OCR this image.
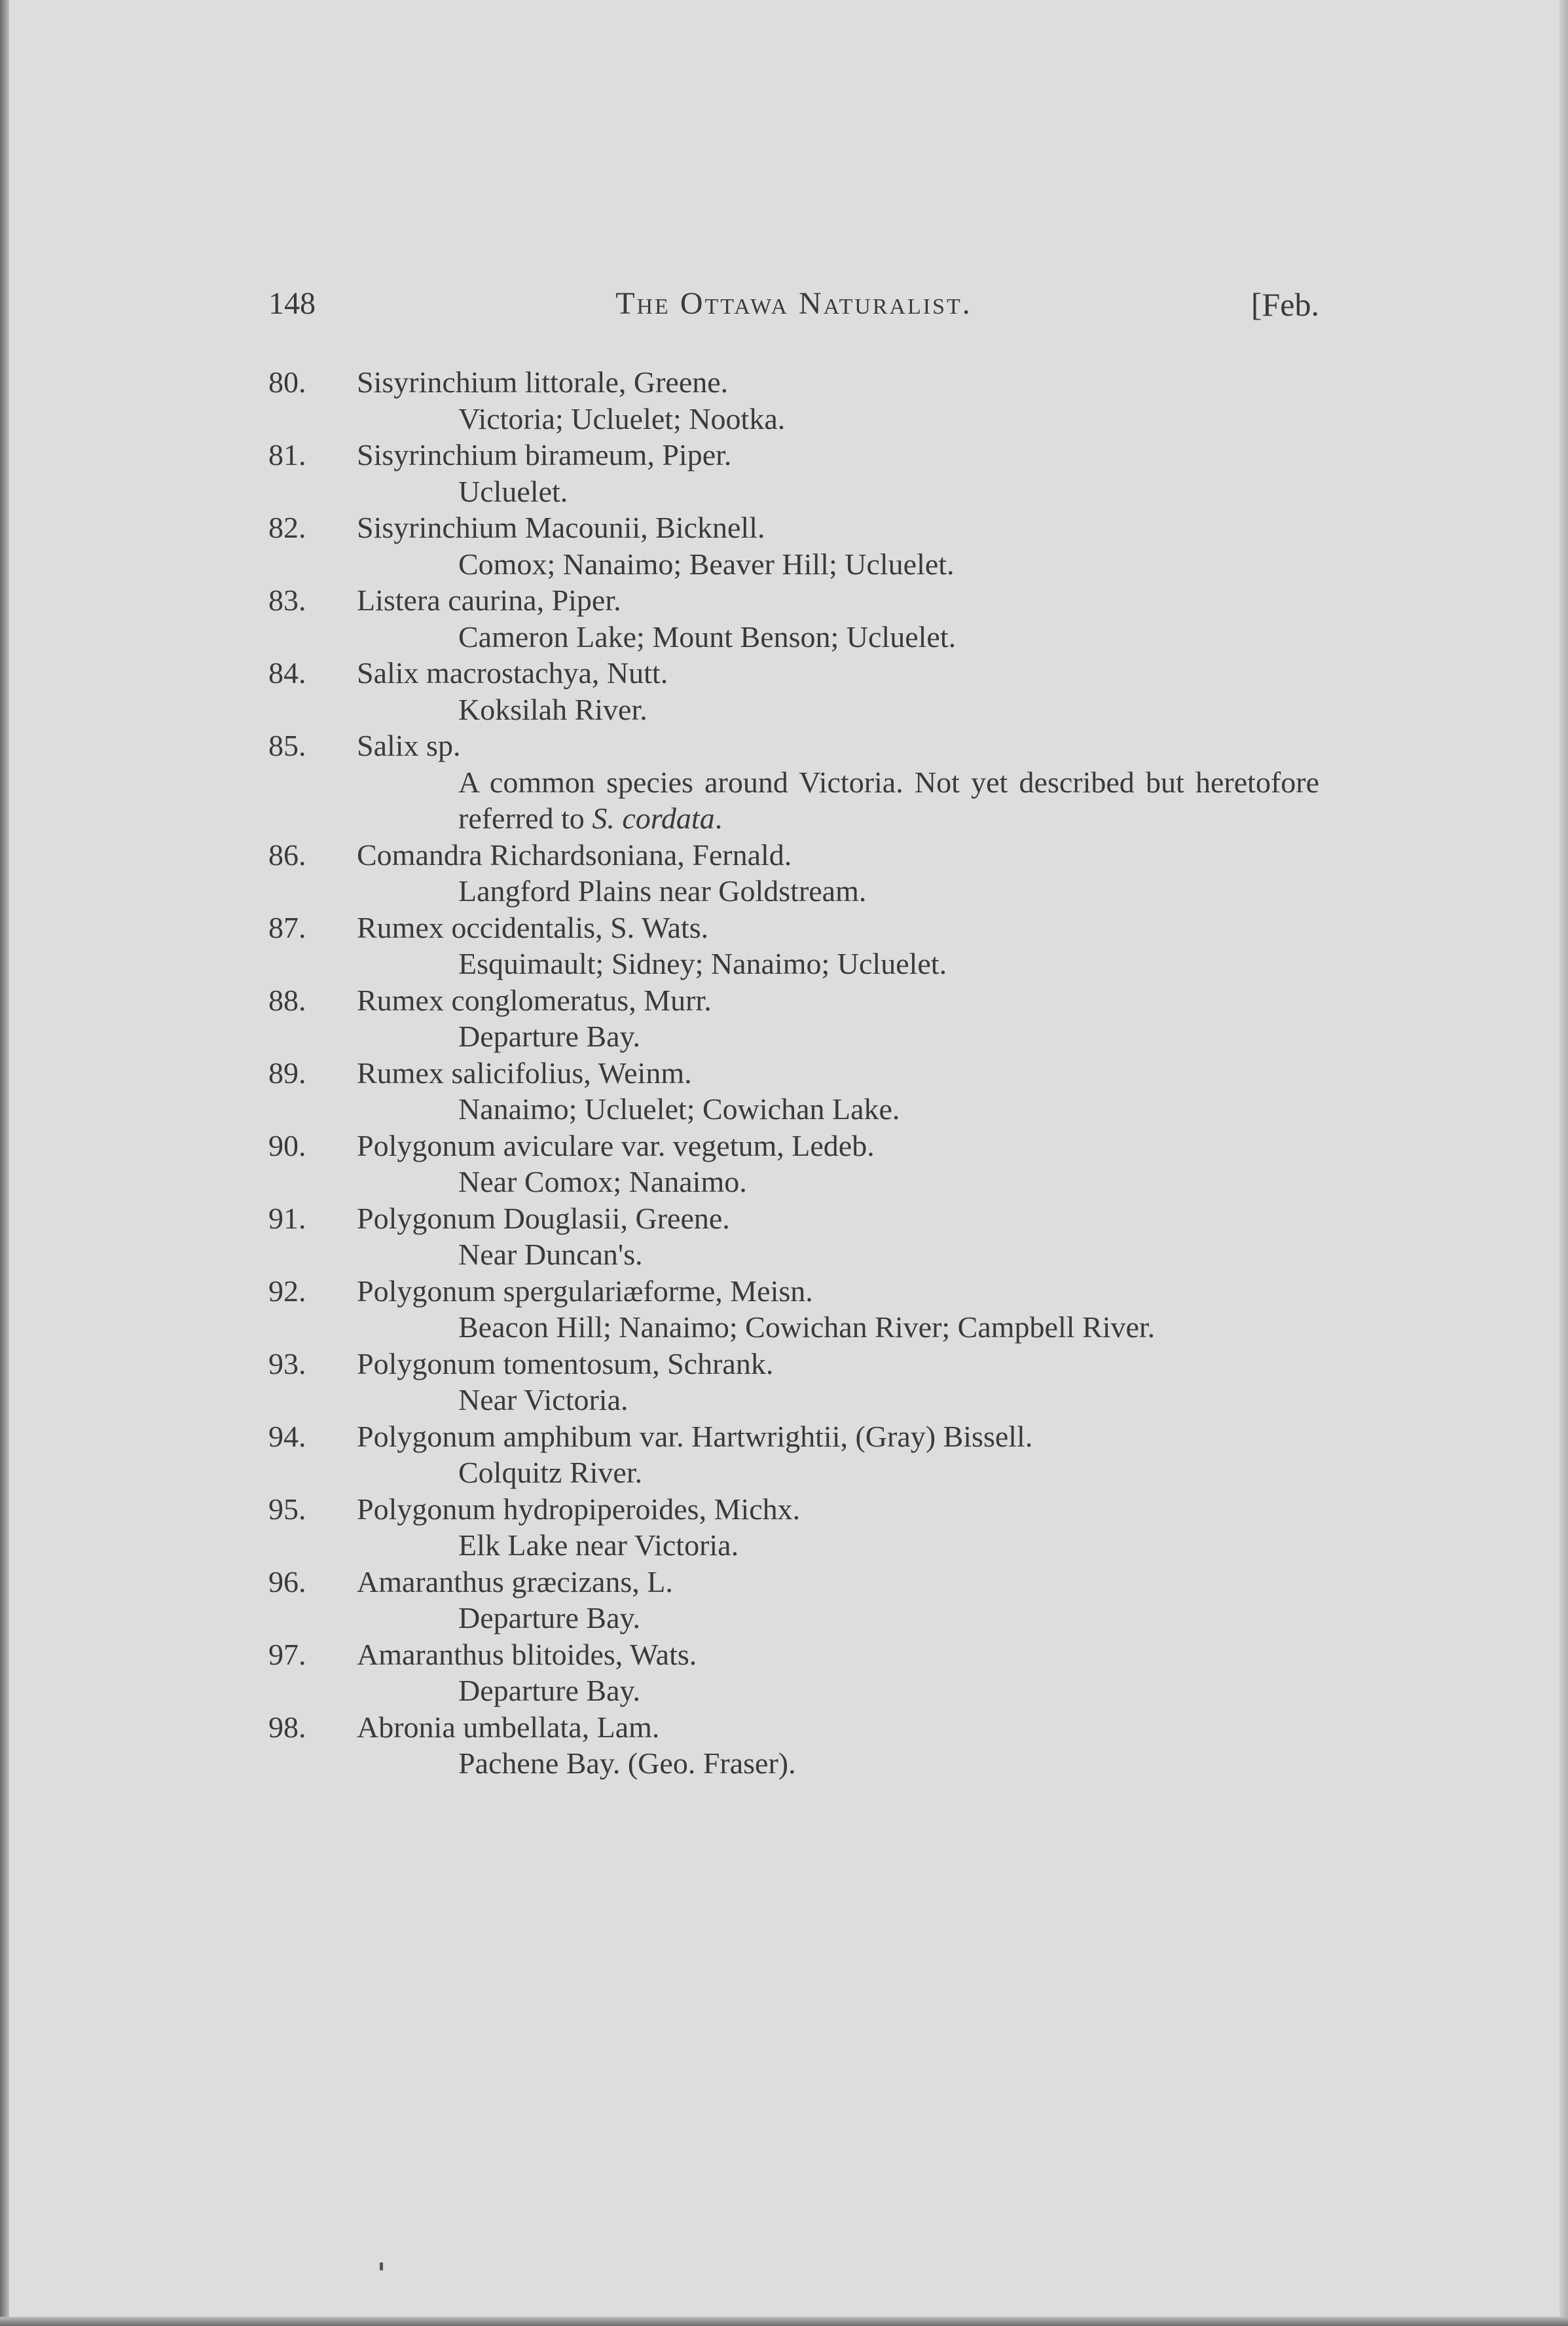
148	The Ottawa Naturalist.	[Feb.
80.	Sisyrinchium littorale, Greene.
Victoria; Ucluelet; Nootka.
81.	Sisyrinchium birameum, Piper.
Ucluelet.
82.	Sisyrinchium Macounii, Bicknell.
Comox; Nanaimo; Beaver Hill; Ucluelet.
83.	Listera caurina, Piper.
Cameron Lake; Mount Benson; Ucluelet.
84.	Salix macrostachya, Nutt.
Koksilah River.
85.	Salix sp.
A common species around Victoria. Not yet described but heretofore referred to S. cordata.
86.	Comandra Richardsoniana, Fernald.
Langford Plains near Goldstream.
87.	Rumex occidentalis, S. Wats.
Esquimault; Sidney; Nanaimo; Ucluelet.
88.	Rumex conglomeratus, Murr.
Departure Bay.
89.	Rumex salicifolius, Weinm.
Nanaimo; Ucluelet; Cowichan Lake.
90.	Polygonum aviculare var. vegetum, Ledeb.
Near Comox; Nanaimo.
91.	Polygonum Douglasii, Greene.
Near Duncan's.
92.	Polygonum spergulariæforme, Meisn.
Beacon Hill; Nanaimo; Cowichan River; Campbell River.
93.	Polygonum tomentosum, Schrank.
Near Victoria.
94.	Polygonum amphibum var. Hartwrightii, (Gray) Bissell.
Colquitz River.
95.	Polygonum hydropiperoides, Michx.
Elk Lake near Victoria.
96.	Amaranthus græcizans, L.
Departure Bay.
97.	Amaranthus blitoides, Wats.
Departure Bay.
98.	Abronia umbellata, Lam.
Pachene Bay. (Geo. Fraser).
